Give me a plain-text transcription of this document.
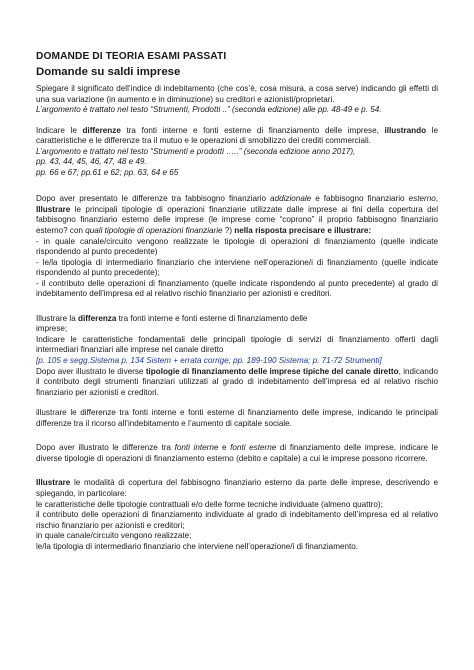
DOMANDE DI TEORIA ESAMI PASSATI
Domande su saldi imprese

Spiegare il significato dell’indice di indebitamento (che cos’è, cosa misura, a cosa serve) indicando gli effetti di una sua variazione (in aumento e in diminuzione) su creditori e azionisti/proprietari.

L’argomento è trattato nel testo “Strumenti, Prodotti ..” (seconda edizione) alle pp. 48-49 e p. 54.

Indicare le differenze tra fonti interne e fonti esterne di finanziamento delle imprese, illustrando le caratteristiche e le differenze tra il mutuo e le operazioni di smobilizzo dei crediti commerciali.

L’argomento e trattato nel testo “Strumenti e prodotti …..” (seconda edizione anno 2017),

pp. 43, 44, 45, 46, 47, 48 e 49.

pp. 66 e 67; pp.61 e 62; pp. 63, 64 e 65

Dopo aver presentato le differenze tra fabbisogno finanziario addizionale e fabbisogno finanziario esterno, Illustrare le principali tipologie di operazioni finanziarie utilizzate dalle imprese ai fini della copertura del fabbisogno finanziario esterno delle imprese (le imprese come “coprono” il proprio fabbisogno finanziario esterno? con quali tipologie di operazioni finanziarie ?) nella risposta precisare e illustrare:

- in quale canale/circuito vengono realizzate le tipologie di operazioni di finanziamento (quelle indicate rispondendo al punto precedente)

- le/la tipologia di intermediario finanziario che interviene nell’operazione/i di finanziamento (quelle indicate rispondendo al punto precedente);

- il contributo delle operazioni di finanziamento (quelle indicate rispondendo al punto precedente) al grado di indebitamento dell’impresa ed al relativo rischio finanziario per azionisti e creditori.

Illustrare la differenza tra fonti interne e fonti esterne di finanziamento delle

imprese;

Indicare le caratteristiche fondamentali delle principali tipologie di servizi di finanziamento offerti dagli intermediari finanziari alle imprese nel canale diretto

[p. 105 e segg.Sistema p. 134 Sistem + errata corrige; pp. 189-190 Sistema; p. 71-72 Strumenti]

Dopo aver illustrato le diverse tipologie di finanziamento delle imprese tipiche del canale diretto, indicando il contributo degli strumenti finanziari utilizzati al grado di indebitamento dell’impresa ed al relativo rischio finanziario per azionisti e creditori.

illustrare le differenze tra fonti interne e fonti esterne di finanziamento delle imprese, indicando le principali differenze tra il ricorso all’indebitamento e l’aumento di capitale sociale.

Dopo aver illustrato le differenze tra fonti interne e fonti esterne di finanziamento delle imprese, indicare le diverse tipologie di operazioni di finanziamento esterno (debito e capitale) a cui le imprese possono ricorrere.

Illustrare le modalità di copertura del fabbisogno finanziario esterno da parte delle imprese, descrivendo e spiegando, in particolare:

le caratteristiche delle tipologie contrattuali e/o delle forme tecniche individuate (almeno quattro);

il contributo delle operazioni di finanziamento individuate al grado di indebitamento dell’impresa ed al relativo rischio finanziario per azionisti e creditori;

in quale canale/circuito vengono realizzate;

le/la tipologia di intermediario finanziario che interviene nell’operazione/i di finanziamento.
